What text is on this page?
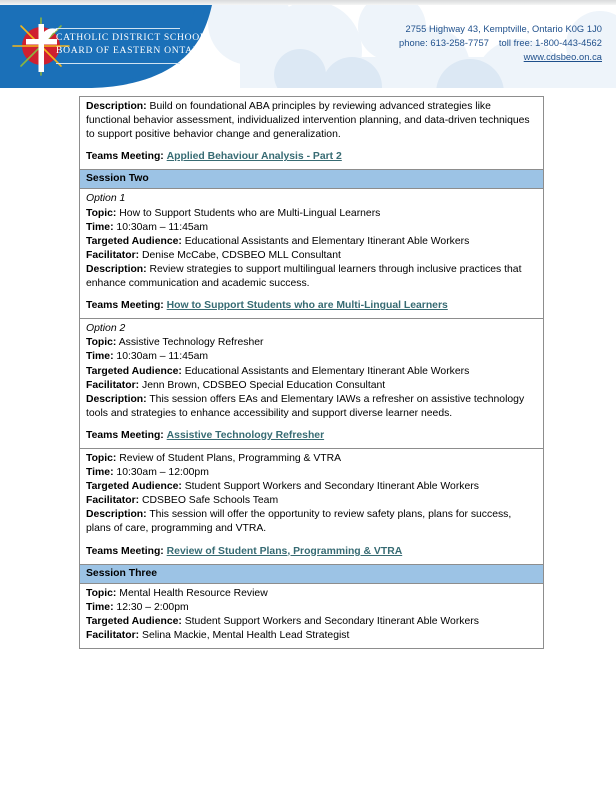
CATHOLIC DISTRICT SCHOOL
BOARD OF EASTERN ONTARIO
2755 Highway 43, Kemptville, Ontario K0G 1J0
phone: 613-258-7757 toll free: 1-800-443-4562
www.cdsbeo.on.ca

Description: Build on foundational ABA principles by reviewing advanced strategies like functional behavior assessment, individualized intervention planning, and data-driven techniques to support positive behavior change and generalization.

Teams Meeting: Applied Behaviour Analysis - Part 2

Session Two

Option 1

Topic: How to Support Students who are Multi-Lingual Learners

Time: 10:30am – 11:45am

Targeted Audience: Educational Assistants and Elementary Itinerant Able Workers

Facilitator: Denise McCabe, CDSBEO MLL Consultant

Description: Review strategies to support multilingual learners through inclusive practices that enhance communication and academic success.

Teams Meeting: How to Support Students who are Multi-Lingual Learners

Option 2

Topic: Assistive Technology Refresher

Time: 10:30am – 11:45am

Targeted Audience: Educational Assistants and Elementary Itinerant Able Workers

Facilitator: Jenn Brown, CDSBEO Special Education Consultant

Description: This session offers EAs and Elementary IAWs a refresher on assistive technology tools and strategies to enhance accessibility and support diverse learner needs.

Teams Meeting: Assistive Technology Refresher

Topic: Review of Student Plans, Programming & VTRA

Time: 10:30am – 12:00pm

Targeted Audience: Student Support Workers and Secondary Itinerant Able Workers

Facilitator: CDSBEO Safe Schools Team

Description: This session will offer the opportunity to review safety plans, plans for success, plans of care, programming and VTRA.

Teams Meeting: Review of Student Plans, Programming & VTRA

Session Three

Topic: Mental Health Resource Review

Time: 12:30 – 2:00pm

Targeted Audience: Student Support Workers and Secondary Itinerant Able Workers

Facilitator: Selina Mackie, Mental Health Lead Strategist
